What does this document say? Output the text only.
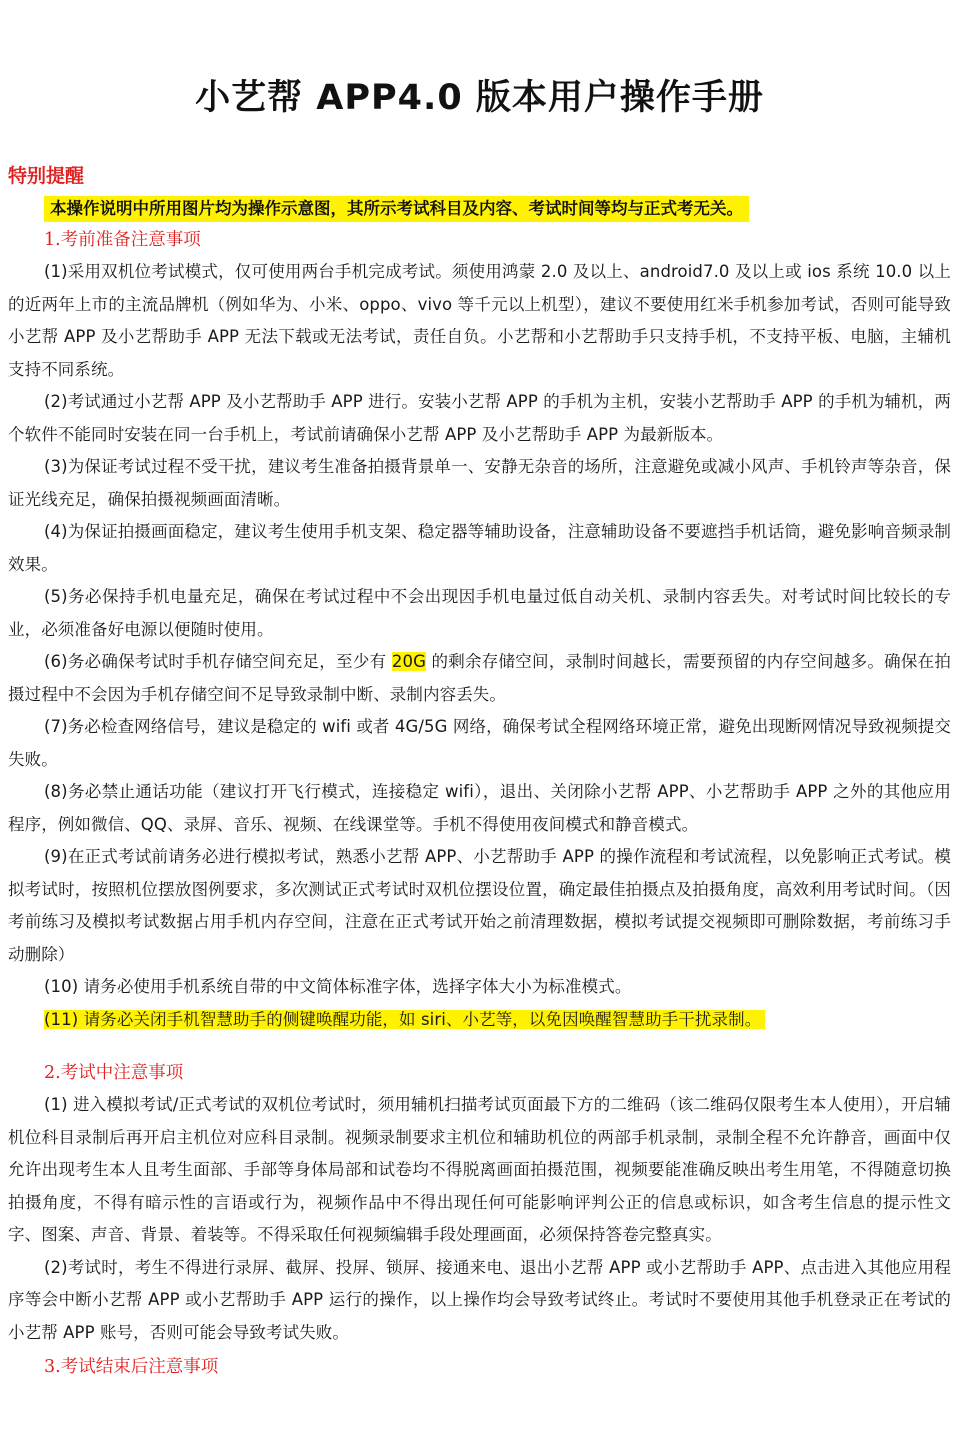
小艺帮 APP4.0 版本用户操作手册
特别提醒
本操作说明中所用图片均为操作示意图，其所示考试科目及内容、考试时间等均与正式考无关。
1.考前准备注意事项

(1)采用双机位考试模式，仅可使用两台手机完成考试。须使用鸿蒙 2.0 及以上、android7.0 及以上或 ios 系统 10.0 以上的近两年上市的主流品牌机（例如华为、小米、oppo、vivo 等千元以上机型），建议不要使用红米手机参加考试，否则可能导致小艺帮 APP 及小艺帮助手 APP 无法下载或无法考试，责任自负。小艺帮和小艺帮助手只支持手机，不支持平板、电脑，主辅机支持不同系统。

(2)考试通过小艺帮 APP 及小艺帮助手 APP 进行。安装小艺帮 APP 的手机为主机，安装小艺帮助手 APP 的手机为辅机，两个软件不能同时安装在同一台手机上，考试前请确保小艺帮 APP 及小艺帮助手 APP 为最新版本。

(3)为保证考试过程不受干扰，建议考生准备拍摄背景单一、安静无杂音的场所，注意避免或减小风声、手机铃声等杂音，保证光线充足，确保拍摄视频画面清晰。

(4)为保证拍摄画面稳定，建议考生使用手机支架、稳定器等辅助设备，注意辅助设备不要遮挡手机话筒，避免影响音频录制效果。

(5)务必保持手机电量充足，确保在考试过程中不会出现因手机电量过低自动关机、录制内容丢失。对考试时间比较长的专业，必须准备好电源以便随时使用。

(6)务必确保考试时手机存储空间充足，至少有 20G 的剩余存储空间，录制时间越长，需要预留的内存空间越多。确保在拍摄过程中不会因为手机存储空间不足导致录制中断、录制内容丢失。

(7)务必检查网络信号，建议是稳定的 wifi 或者 4G/5G 网络，确保考试全程网络环境正常，避免出现断网情况导致视频提交失败。

(8)务必禁止通话功能（建议打开飞行模式，连接稳定 wifi），退出、关闭除小艺帮 APP、小艺帮助手 APP 之外的其他应用程序，例如微信、QQ、录屏、音乐、视频、在线课堂等。手机不得使用夜间模式和静音模式。

(9)在正式考试前请务必进行模拟考试，熟悉小艺帮 APP、小艺帮助手 APP 的操作流程和考试流程，以免影响正式考试。模拟考试时，按照机位摆放图例要求，多次测试正式考试时双机位摆设位置，确定最佳拍摄点及拍摄角度，高效利用考试时间。（因考前练习及模拟考试数据占用手机内存空间，注意在正式考试开始之前清理数据，模拟考试提交视频即可删除数据，考前练习手动删除）

(10) 请务必使用手机系统自带的中文简体标准字体，选择字体大小为标准模式。

(11) 请务必关闭手机智慧助手的侧键唤醒功能，如 siri、小艺等，以免因唤醒智慧助手干扰录制。

2.考试中注意事项

(1) 进入模拟考试/正式考试的双机位考试时，须用辅机扫描考试页面最下方的二维码（该二维码仅限考生本人使用），开启辅机位科目录制后再开启主机位对应科目录制。视频录制要求主机位和辅助机位的两部手机录制，录制全程不允许静音，画面中仅允许出现考生本人且考生面部、手部等身体局部和试卷均不得脱离画面拍摄范围，视频要能准确反映出考生用笔，不得随意切换拍摄角度，不得有暗示性的言语或行为，视频作品中不得出现任何可能影响评判公正的信息或标识，如含考生信息的提示性文字、图案、声音、背景、着装等。不得采取任何视频编辑手段处理画面，必须保持答卷完整真实。

(2)考试时，考生不得进行录屏、截屏、投屏、锁屏、接通来电、退出小艺帮 APP 或小艺帮助手 APP、点击进入其他应用程序等会中断小艺帮 APP 或小艺帮助手 APP 运行的操作，以上操作均会导致考试终止。考试时不要使用其他手机登录正在考试的小艺帮 APP 账号，否则可能会导致考试失败。

3.考试结束后注意事项
